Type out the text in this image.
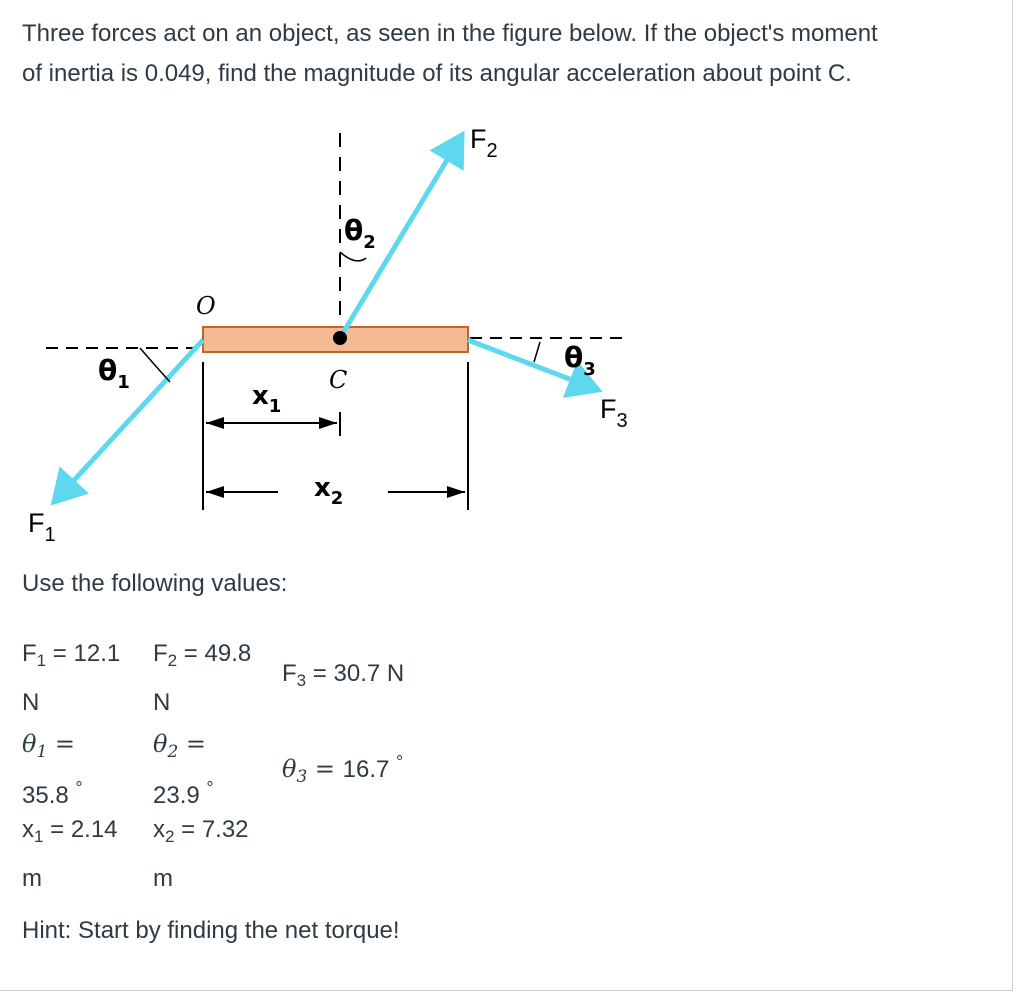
Three forces act on an object, as seen in the figure below. If the object's moment
of inertia is 0.049, find the magnitude of its angular acceleration about point C.
O
C
$F_2$
$F_1$
$F_3$
$\theta_1$
$\theta_2$
$\theta_3$
$x_1$
$x_2$
Use the following values:
$F_1 = 12.1$
N
$F_2 = 49.8$
N
$F_3 = 30.7$ N
$\theta_1$ =
35.8 °
$\theta_2$ =
23.9 °
$\theta_3 = 16.7$ °
$x_1 = 2.14$
m
$x_2 = 7.32$
m
Hint: Start by finding the net torque!
